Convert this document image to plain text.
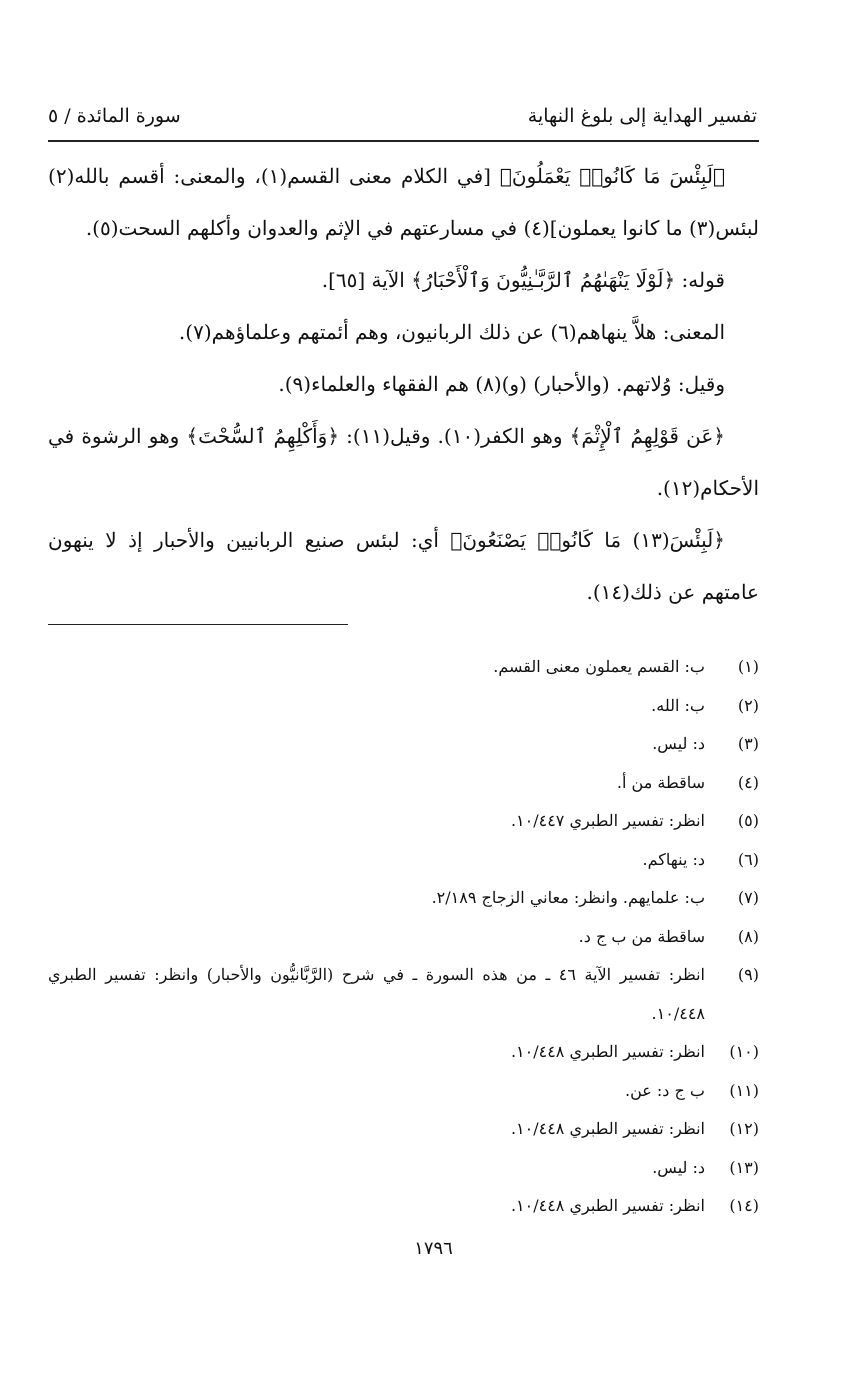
تفسير الهداية إلى بلوغ النهاية
سورة المائدة / ٥

﴿لَبِئْسَ مَا كَانُوا۟ يَعْمَلُونَ﴾ [في الكلام معنى القسم(١)، والمعنى: أقسم بالله(٢) لبئس(٣) ما كانوا يعملون](٤) في مسارعتهم في الإثم والعدوان وأكلهم السحت(٥).

قوله: ﴿لَوْلَا يَنْهَىٰهُمُ ٱلرَّبَّـٰنِيُّونَ وَٱلْأَحْبَارُ﴾ الآية [٦٥].

المعنى: هلاَّ ينهاهم(٦) عن ذلك الربانيون، وهم أئمتهم وعلماؤهم(٧).

وقيل: وُلاتهم. (والأحبار) (و)(٨) هم الفقهاء والعلماء(٩).

﴿عَن قَوْلِهِمُ ٱلْإِثْمَ﴾ وهو الكفر(١٠). وقيل(١١): ﴿وَأَكْلِهِمُ ٱلسُّحْتَ﴾ وهو الرشوة في الأحكام(١٢).

﴿لَبِئْسَ(١٣) مَا كَانُوا۟ يَصْنَعُونَ﴾ أي: لبئس صنيع الربانيين والأحبار إذ لا ينهون عامتهم عن ذلك(١٤).

(١)
ب: القسم يعملون معنى القسم.
(٢)
ب: الله.
(٣)
د: ليس.
(٤)
ساقطة من أ.
(٥)
انظر: تفسير الطبري ١٠/٤٤٧.
(٦)
د: ينهاكم.
(٧)
ب: علمايهم. وانظر: معاني الزجاج ٢/١٨٩.
(٨)
ساقطة من ب ج د.
(٩)
انظر: تفسير الآية ٤٦ ـ من هذه السورة ـ في شرح (الرَّبَّانيُّون والأحبار) وانظر: تفسير الطبري ١٠/٤٤٨.
(١٠)
انظر: تفسير الطبري ١٠/٤٤٨.
(١١)
ب ج د: عن.
(١٢)
انظر: تفسير الطبري ١٠/٤٤٨.
(١٣)
د: ليس.
(١٤)
انظر: تفسير الطبري ١٠/٤٤٨.
١٧٩٦
